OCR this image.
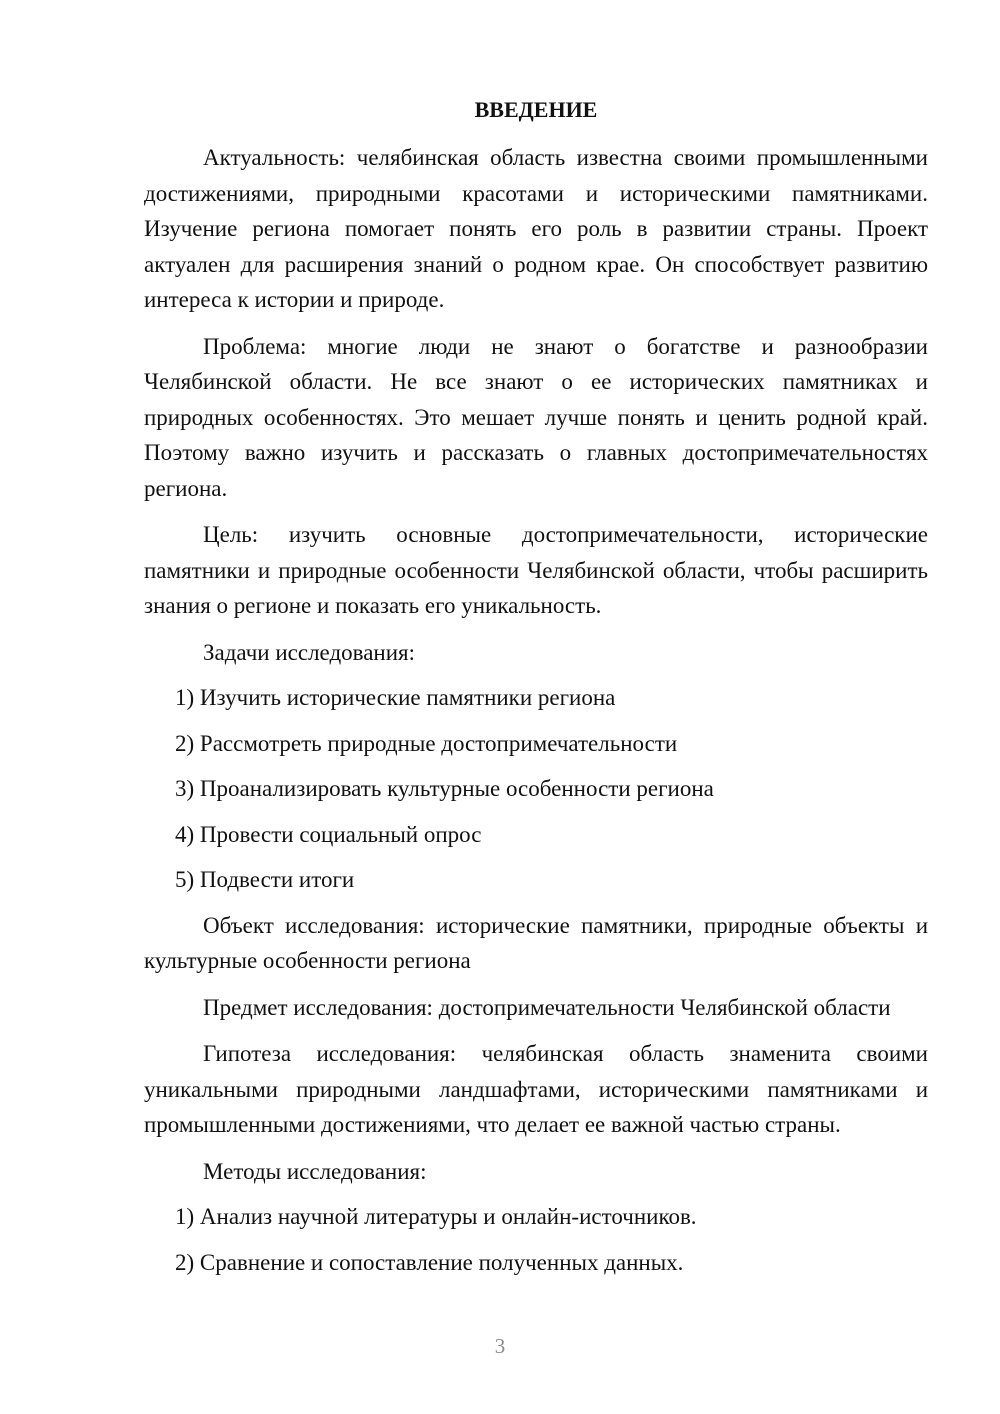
ВВЕДЕНИЕ

Актуальность: челябинская область известна своими промышленными достижениями, природными красотами и историческими памятниками. Изучение региона помогает понять его роль в развитии страны. Проект актуален для расширения знаний о родном крае. Он способствует развитию интереса к истории и природе.

Проблема: многие люди не знают о богатстве и разнообразии Челябинской области. Не все знают о ее исторических памятниках и природных особенностях. Это мешает лучше понять и ценить родной край. Поэтому важно изучить и рассказать о главных достопримечательностях региона.

Цель: изучить основные достопримечательности, исторические памятники и природные особенности Челябинской области, чтобы расширить знания о регионе и показать его уникальность.

Задачи исследования:

1) Изучить исторические памятники региона
2) Рассмотреть природные достопримечательности
3) Проанализировать культурные особенности региона
4) Провести социальный опрос
5) Подвести итоги

Объект исследования: исторические памятники, природные объекты и культурные особенности региона

Предмет исследования: достопримечательности Челябинской области

Гипотеза исследования: челябинская область знаменита своими уникальными природными ландшафтами, историческими памятниками и промышленными достижениями, что делает ее важной частью страны.

Методы исследования:

1) Анализ научной литературы и онлайн-источников.
2) Сравнение и сопоставление полученных данных.
3
